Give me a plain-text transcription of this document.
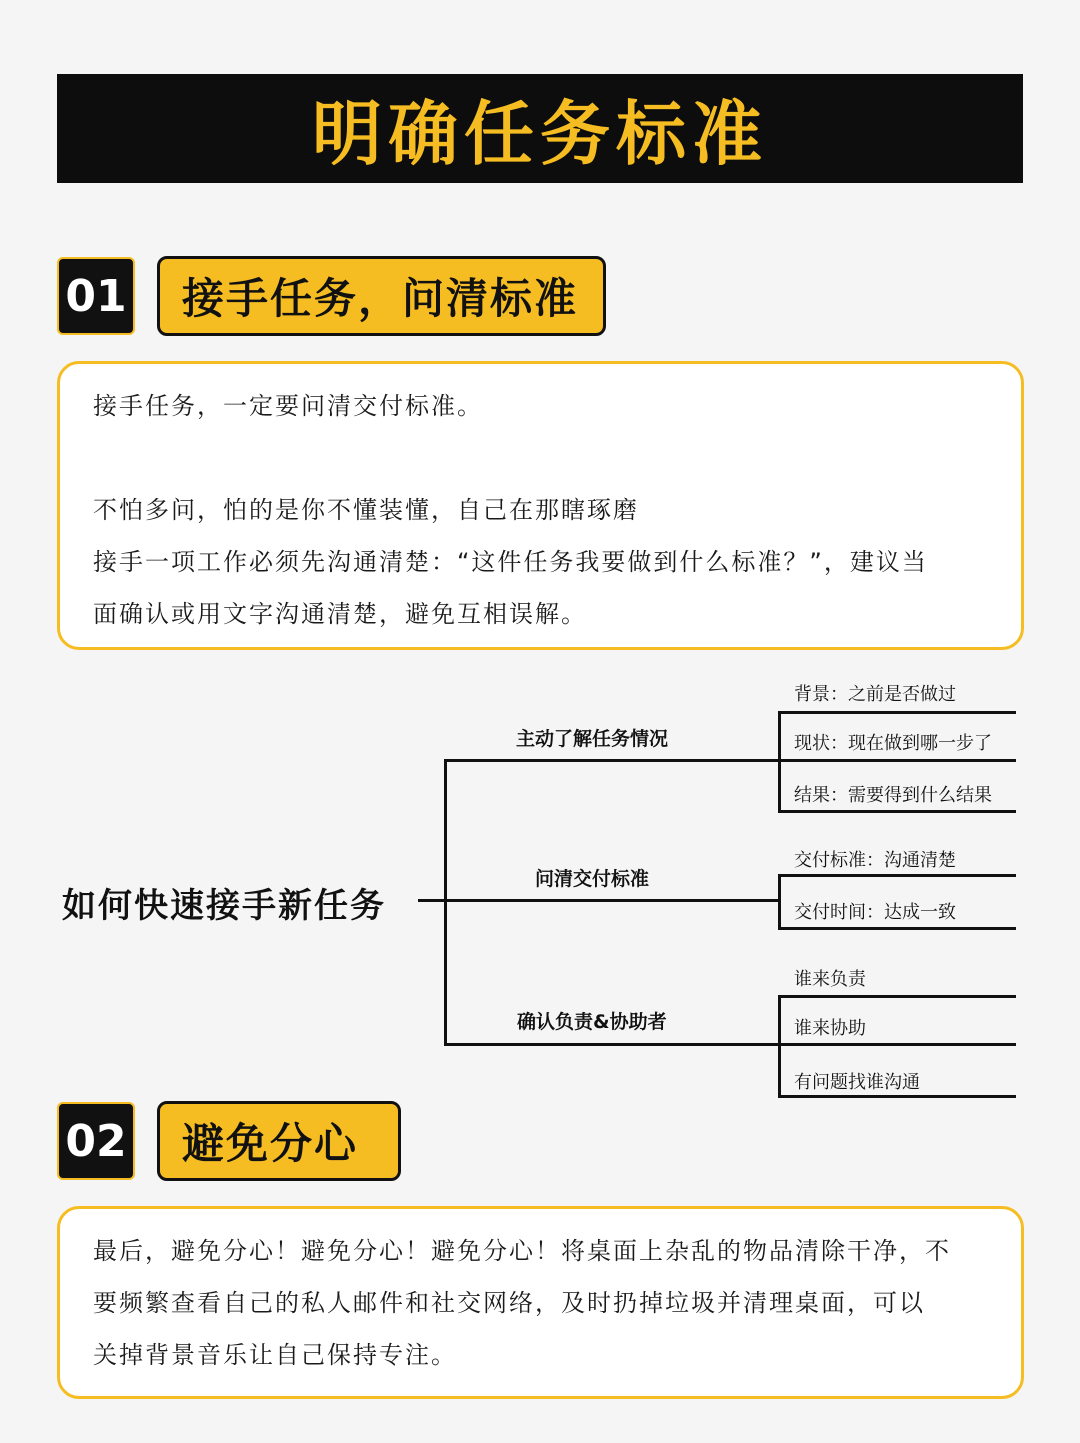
明确任务标准
01	接手任务，问清标准
接手任务，一定要问清交付标准。
不怕多问，怕的是你不懂装懂，自己在那瞎琢磨
接手一项工作必须先沟通清楚：“这件任务我要做到什么标准？”，建议当
面确认或用文字沟通清楚，避免互相误解。
如何快速接手新任务
主动了解任务情况
背景：之前是否做过
现状：现在做到哪一步了
结果：需要得到什么结果
问清交付标准
交付标准：沟通清楚
交付时间：达成一致
确认负责&协助者
谁来负责
谁来协助
有问题找谁沟通
02	避免分心
最后，避免分心！避免分心！避免分心！将桌面上杂乱的物品清除干净，不
要频繁查看自己的私人邮件和社交网络，及时扔掉垃圾并清理桌面，可以
关掉背景音乐让自己保持专注。
